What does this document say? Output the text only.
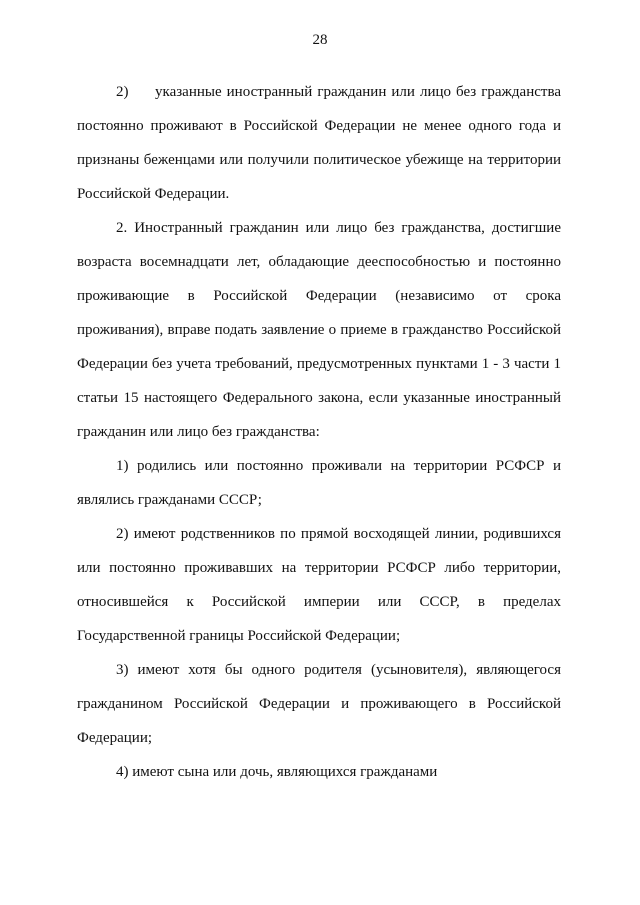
28

2) указанные иностранный гражданин или лицо без гражданства постоянно проживают в Российской Федерации не менее одного года и признаны беженцами или получили политическое убежище на территории Российской Федерации.

2. Иностранный гражданин или лицо без гражданства, достигшие возраста восемнадцати лет, обладающие дееспособностью и постоянно проживающие в Российской Федерации (независимо от срока проживания), вправе подать заявление о приеме в гражданство Российской Федерации без учета требований, предусмотренных пунктами 1 - 3 части 1 статьи 15 настоящего Федерального закона, если указанные иностранный гражданин или лицо без гражданства:

1) родились или постоянно проживали на территории РСФСР и являлись гражданами СССР;

2) имеют родственников по прямой восходящей линии, родившихся или постоянно проживавших на территории РСФСР либо территории, относившейся к Российской империи или СССР, в пределах Государственной границы Российской Федерации;

3) имеют хотя бы одного родителя (усыновителя), являющегося гражданином Российской Федерации и проживающего в Российской Федерации;

4) имеют сына или дочь, являющихся гражданами
